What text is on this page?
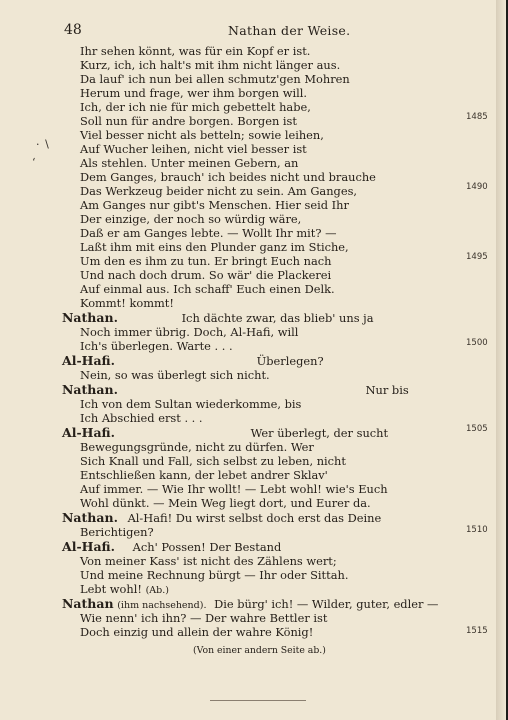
48	Nathan der Weise.
· ∖
‘
Ihr sehen könnt, was für ein Kopf er ist.
Kurz, ich, ich halt's mit ihm nicht länger aus.
Da lauf' ich nun bei allen schmutz'gen Mohren
Herum und frage, wer ihm borgen will.
Ich, der ich nie für mich gebettelt habe,
Soll nun für andre borgen. Borgen ist
Viel besser nicht als betteln; sowie leihen,
Auf Wucher leihen, nicht viel besser ist
Als stehlen. Unter meinen Gebern, an
Dem Ganges, brauch' ich beides nicht und brauche
Das Werkzeug beider nicht zu sein. Am Ganges,
Am Ganges nur gibt's Menschen. Hier seid Ihr
Der einzige, der noch so würdig wäre,
Daß er am Ganges lebte. — Wollt Ihr mit? —
Laßt ihm mit eins den Plunder ganz im Stiche,
Um den es ihm zu tun. Er bringt Euch nach
Und nach doch drum. So wär' die Plackerei
Auf einmal aus. Ich schaff' Euch einen Delk.
Kommt! kommt!
Nathan.	Ich dächte zwar, das blieb' uns ja
Noch immer übrig. Doch, Al-Hafi, will
Ich's überlegen. Warte . . .
Al-Hafi.	Überlegen?
Nein, so was überlegt sich nicht.
Nathan.	Nur bis
Ich von dem Sultan wiederkomme, bis
Ich Abschied erst . . .
Al-Hafi.	Wer überlegt, der sucht
Bewegungsgründe, nicht zu dürfen. Wer
Sich Knall und Fall, sich selbst zu leben, nicht
Entschließen kann, der lebet andrer Sklav'
Auf immer. — Wie Ihr wollt! — Lebt wohl! wie's Euch
Wohl dünkt. — Mein Weg liegt dort, und Eurer da.
Nathan. Al-Hafi! Du wirst selbst doch erst das Deine
Berichtigen?
Al-Hafi. Ach' Possen! Der Bestand
Von meiner Kass' ist nicht des Zählens wert;
Und meine Rechnung bürgt — Ihr oder Sittah.
Lebt wohl! (Ab.)
Nathan (ihm nachsehend). Die bürg' ich! — Wilder, guter, edler —
Wie nenn' ich ihn? — Der wahre Bettler ist
Doch einzig und allein der wahre König!
(Von einer andern Seite ab.)
1485
1490
1495
1500
1505
1510
1515
